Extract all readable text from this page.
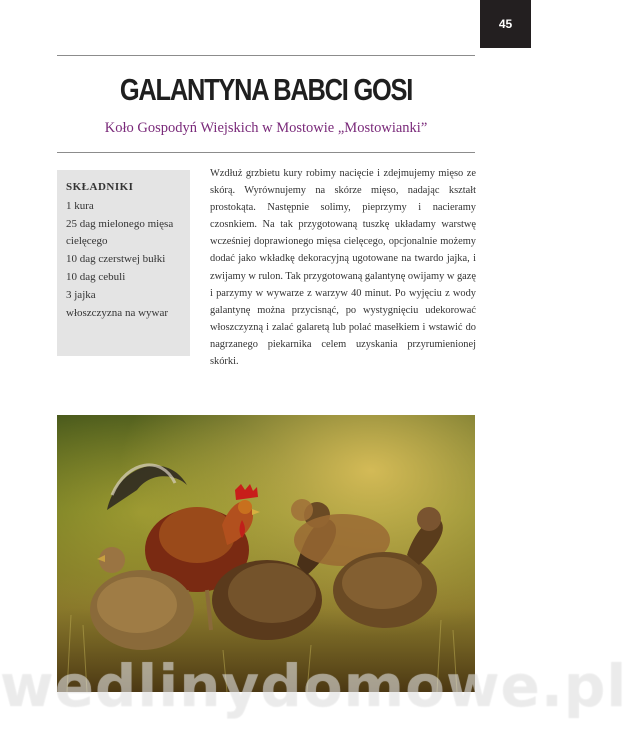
45
GALANTYNA BABCI GOSI
Koło Gospodyń Wiejskich w Mostowie „Mostowianki”
SKŁADNIKI
1 kura
25 dag mielonego mięsa cielęcego
10 dag czerstwej bułki
10 dag cebuli
3 jajka
włoszczyzna na wywar

Wzdłuż grzbietu kury robimy nacięcie i zdejmujemy mięso ze skórą. Wyrównujemy na skórze mięso, nadając kształt prostokąta. Następnie solimy, pieprzymy i nacieramy czosnkiem. Na tak przygotowaną tuszkę układamy warstwę wcześniej doprawionego mięsa cielęcego, opcjonalnie możemy dodać jako wkładkę dekoracyjną ugotowane na twardo jajka, i zwijamy w rulon. Tak przygotowaną galantynę owijamy w gazę i parzymy w wywarze z warzyw 40 minut. Po wyjęciu z wody galantynę można przycisnąć, po wystygnięciu udekorować włoszczyzną i zalać galaretą lub polać masełkiem i wstawić do nagrzanego piekarnika celem uzyskania przyrumienionej skórki.

wedlinydomowe.pl
